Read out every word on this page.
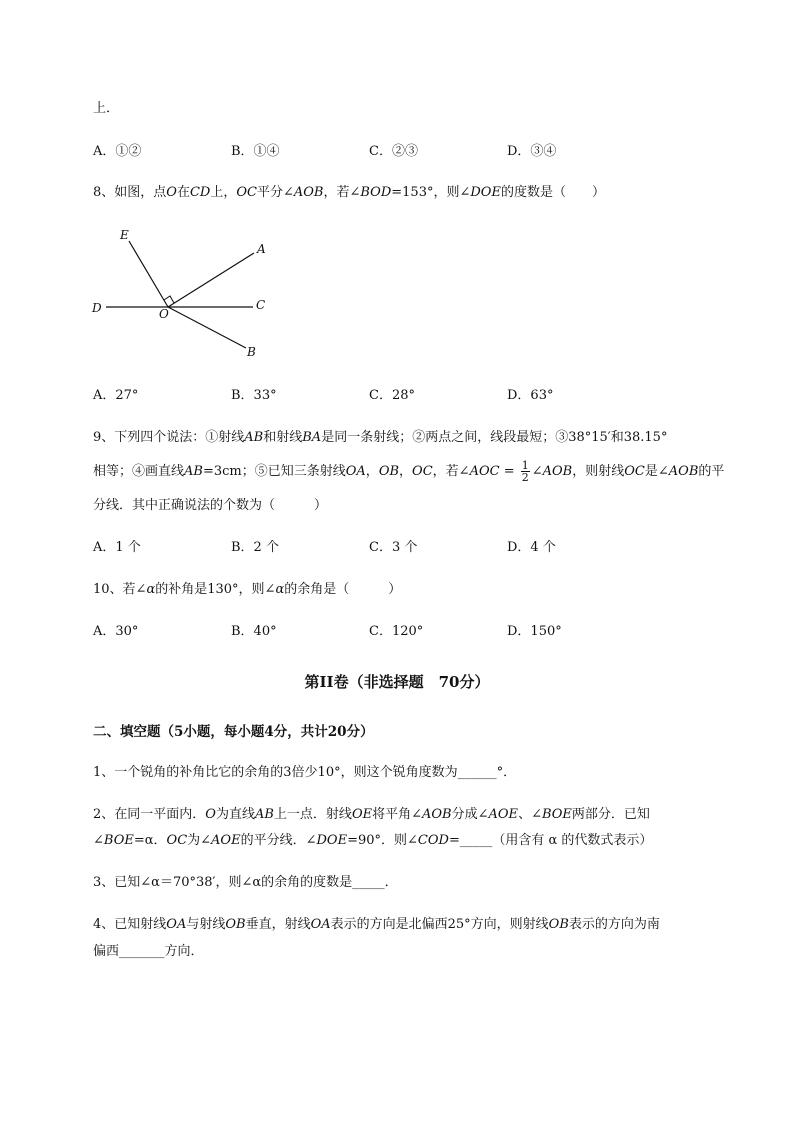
上．
A．①②	B．①④	C．②③	D．③④
8、如图，点O在CD上，OC平分∠AOB，若∠BOD=153°，则∠DOE的度数是（　　）
E
A
D	O
C
B
A．27°	B．33°	C．28°	D．63°
9、下列四个说法：①射线AB和射线BA是同一条射线；②两点之间，线段最短；③38°15′和38.15°
相等；④画直线AB=3cm；⑤已知三条射线OA，OB，OC，若∠AOC = $\frac{1}{2}$ ∠AOB，则射线OC是∠AOB的平
分线．其中正确说法的个数为（　　　）
A．1 个	B．2 个	C．3 个	D．4 个
10、若∠α的补角是130°，则∠α的余角是（　　　）
A．30°	B．40°	C．120°	D．150°
第II卷（非选择题　70分）
二、填空题（5小题，每小题4分，共计20分）
1、一个锐角的补角比它的余角的3倍少10°，则这个锐角度数为______°．
2、在同一平面内．O为直线AB上一点．射线OE将平角∠AOB分成∠AOE、∠BOE两部分．已知
∠BOE=α．OC为∠AOE的平分线．∠DOE=90°．则∠COD=_____（用含有 α 的代数式表示）
3、已知∠α＝70°38′，则∠α的余角的度数是_____．
4、已知射线OA与射线OB垂直，射线OA表示的方向是北偏西25°方向，则射线OB表示的方向为南
偏西_______方向．
